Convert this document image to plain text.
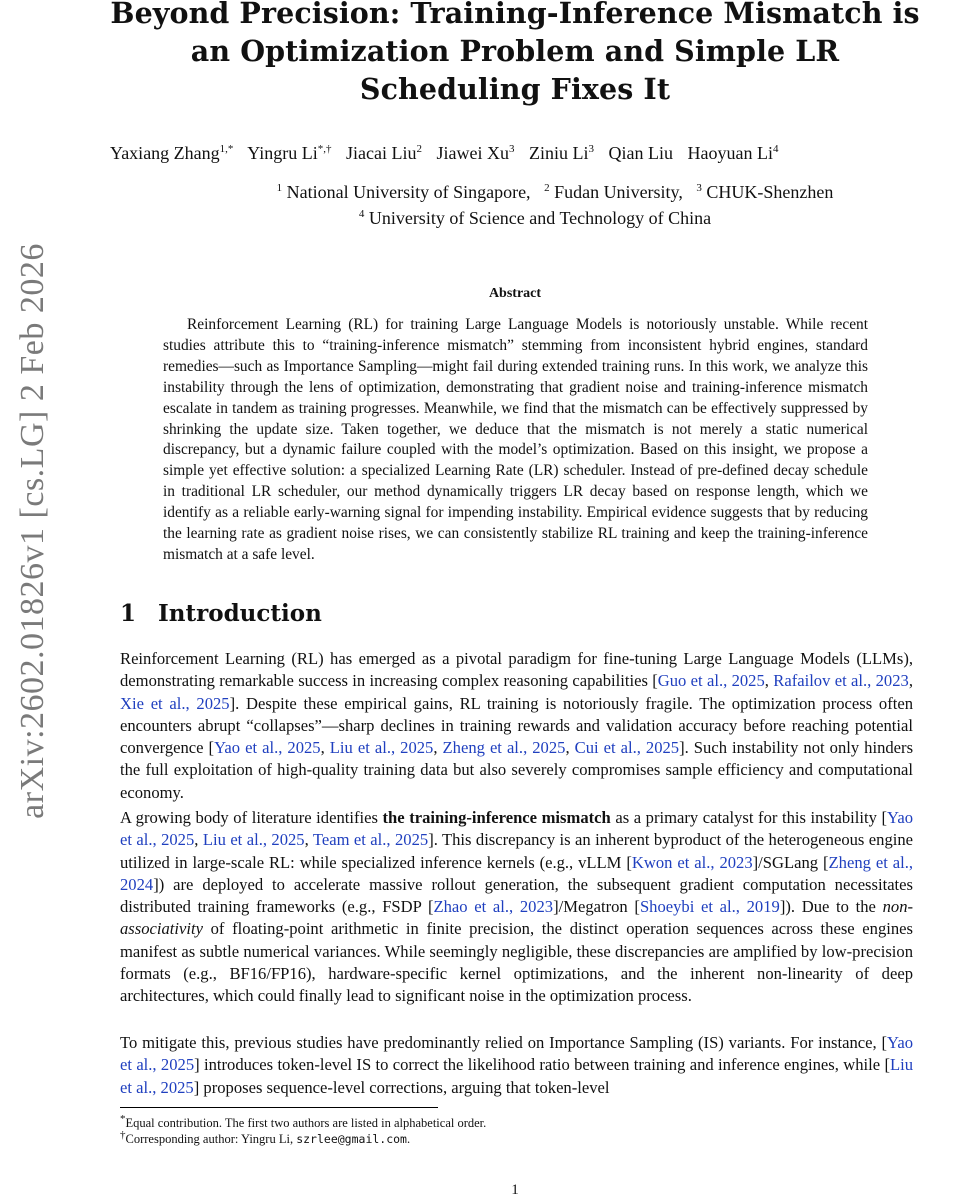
Beyond Precision: Training-Inference Mismatch is
an Optimization Problem and Simple LR
Scheduling Fixes It
Yaxiang Zhang$^{1,*}$ Yingru Li*,† Jiacai Liu$^2$ Jiawei Xu$^3$ Ziniu Li$^3$ Qian Liu Haoyuan Li$^4$
$^1$ National University of Singapore, $^2$ Fudan University, $^3$ CHUK-Shenzhen
$^4$ University of Science and Technology of China
Abstract
Reinforcement Learning (RL) for training Large Language Models is notoriously unstable. While recent studies attribute this to “training-inference mismatch” stemming from inconsistent hybrid engines, standard remedies—such as Importance Sampling—might fail during extended training runs. In this work, we analyze this instability through the lens of optimization, demonstrating that gradient noise and training-inference mismatch escalate in tandem as training progresses. Meanwhile, we find that the mismatch can be effectively suppressed by shrinking the update size. Taken together, we deduce that the mismatch is not merely a static numerical discrepancy, but a dynamic failure coupled with the model’s optimization. Based on this insight, we propose a simple yet effective solution: a specialized Learning Rate (LR) scheduler. Instead of pre-defined decay schedule in traditional LR scheduler, our method dynamically triggers LR decay based on response length, which we identify as a reliable early-warning signal for impending instability. Empirical evidence suggests that by reducing the learning rate as gradient noise rises, we can consistently stabilize RL training and keep the training-inference mismatch at a safe level.
arXiv:2602.01826v1 [cs.LG] 2 Feb 2026	1 Introduction
Reinforcement Learning (RL) has emerged as a pivotal paradigm for fine-tuning Large Language Models (LLMs), demonstrating remarkable success in increasing complex reasoning capabilities [Guo et al., 2025, Rafailov et al., 2023, Xie et al., 2025]. Despite these empirical gains, RL training is notoriously fragile. The optimization process often encounters abrupt “collapses”—sharp declines in training rewards and validation accuracy before reaching potential convergence [Yao et al., 2025, Liu et al., 2025, Zheng et al., 2025, Cui et al., 2025]. Such instability not only hinders the full exploitation of high-quality training data but also severely compromises sample efficiency and computational economy.
A growing body of literature identifies the training-inference mismatch as a primary catalyst for this instability [Yao et al., 2025, Liu et al., 2025, Team et al., 2025]. This discrepancy is an inherent byproduct of the heterogeneous engine utilized in large-scale RL: while specialized inference kernels (e.g., vLLM [Kwon et al., 2023]/SGLang [Zheng et al., 2024]) are deployed to accelerate massive rollout generation, the subsequent gradient computation necessitates distributed training frameworks (e.g., FSDP [Zhao et al., 2023]/Megatron [Shoeybi et al., 2019]). Due to the non-associativity of floating-point arithmetic in finite precision, the distinct operation sequences across these engines manifest as subtle numerical variances. While seemingly negligible, these discrepancies are amplified by low-precision formats (e.g., BF16/FP16), hardware-specific kernel optimizations, and the inherent non-linearity of deep architectures, which could finally lead to significant noise in the optimization process.
To mitigate this, previous studies have predominantly relied on Importance Sampling (IS) variants. For instance, [Yao et al., 2025] introduces token-level IS to correct the likelihood ratio between training and inference engines, while [Liu et al., 2025] proposes sequence-level corrections, arguing that token-level
*Equal contribution. The first two authors are listed in alphabetical order.
†Corresponding author: Yingru Li, szrlee@gmail.com.
1
